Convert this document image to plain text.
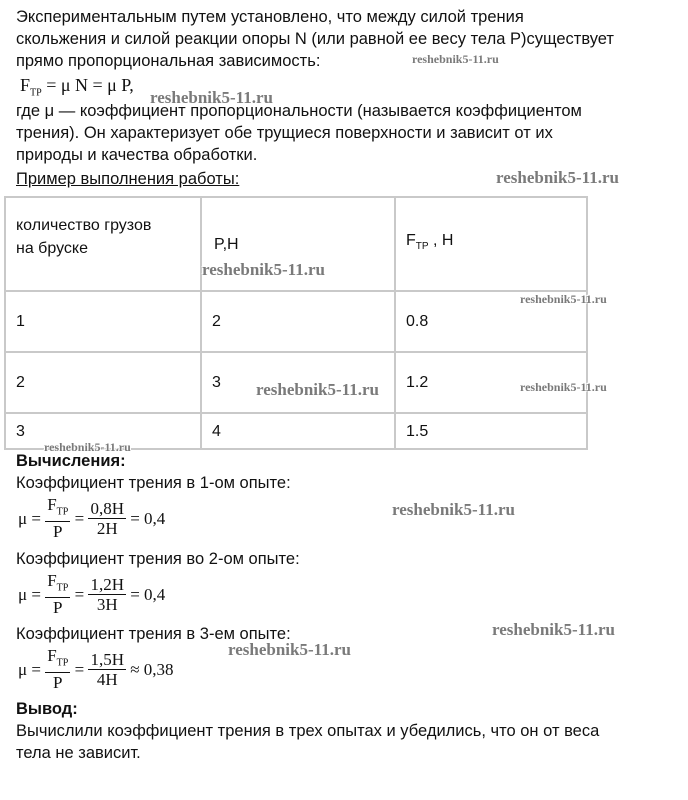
Экспериментальным путем установлено, что между силой трения
скольжения и силой реакции опоры N (или равной ее весу тела P)существует
прямо пропорциональная зависимость:
$F_{TP} = \mu$ N = μ P,
где μ — коэффициент пропорциональности (называется коэффициентом
трения). Он характеризует обе трущиеся поверхности и зависит от их
природы и качества обработки.
Пример выполнения работы:
количество грузов
на бруске	P,H	$F_{TP}$ , H
1	2	0.8
2	3	1.2
3	4	1.5
Вычисления:
Коэффициент трения в 1-ом опыте:
$\mu = \frac{F_{TP}}{P} = \frac{0,8H}{2H} = 0,4$
Коэффициент трения во 2-ом опыте:
$\mu = \frac{F_{TP}}{P} = \frac{1,2H}{3H} = 0,4$
Коэффициент трения в 3-ем опыте:
$\mu = \frac{F_{TP}}{P} = \frac{1,5H}{4H} \approx 0,38$
Вывод:
Вычислили коэффициент трения в трех опытах и убедились, что он от веса
тела не зависит.
reshebnik5-11.ru
reshebnik5-11.ru
reshebnik5-11.ru
reshebnik5-11.ru
reshebnik5-11.ru
reshebnik5-11.ru	reshebnik5-11.ru
reshebnik5-11.ru
reshebnik5-11.ru
reshebnik5-11.ru
reshebnik5-11.ru
